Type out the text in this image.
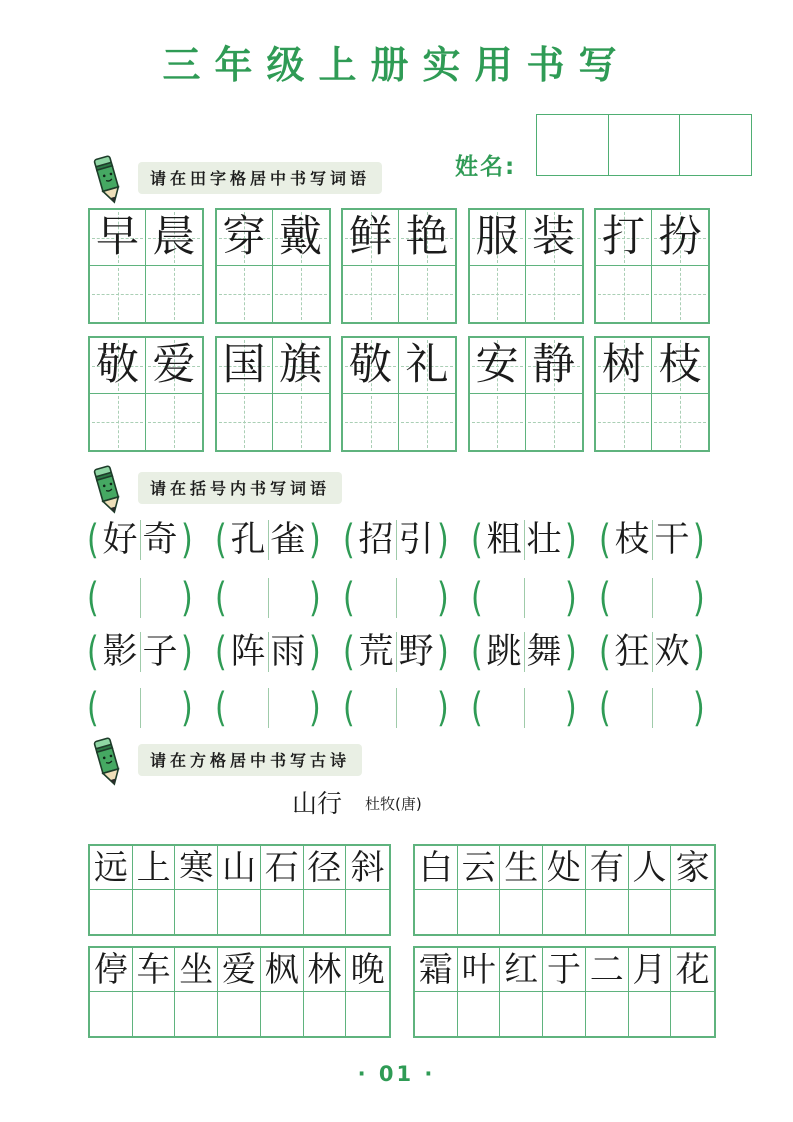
三年级上册实用书写
姓名:
请在田字格居中书写词语
早 晨 穿 戴 鲜 艳 服 装 打 扮
敬 爱 国 旗 敬 礼 安 静 树 枝
请在括号内书写词语
( 好 奇 ) ( 孔 雀 ) ( 招 引 ) ( 粗 壮 ) ( 枝 干 )
( ) ( ) ( ) ( ) ( )
( 影 子 ) ( 阵 雨 ) ( 荒 野 ) ( 跳 舞 ) ( 狂 欢 )
( ) ( ) ( ) ( ) ( )
请在方格居中书写古诗
山行 杜牧(唐)
远 上 寒 山 石 径 斜 白 云 生 处 有 人 家
停 车 坐 爱 枫 林 晚 霜 叶 红 于 二 月 花
· 01 ·
